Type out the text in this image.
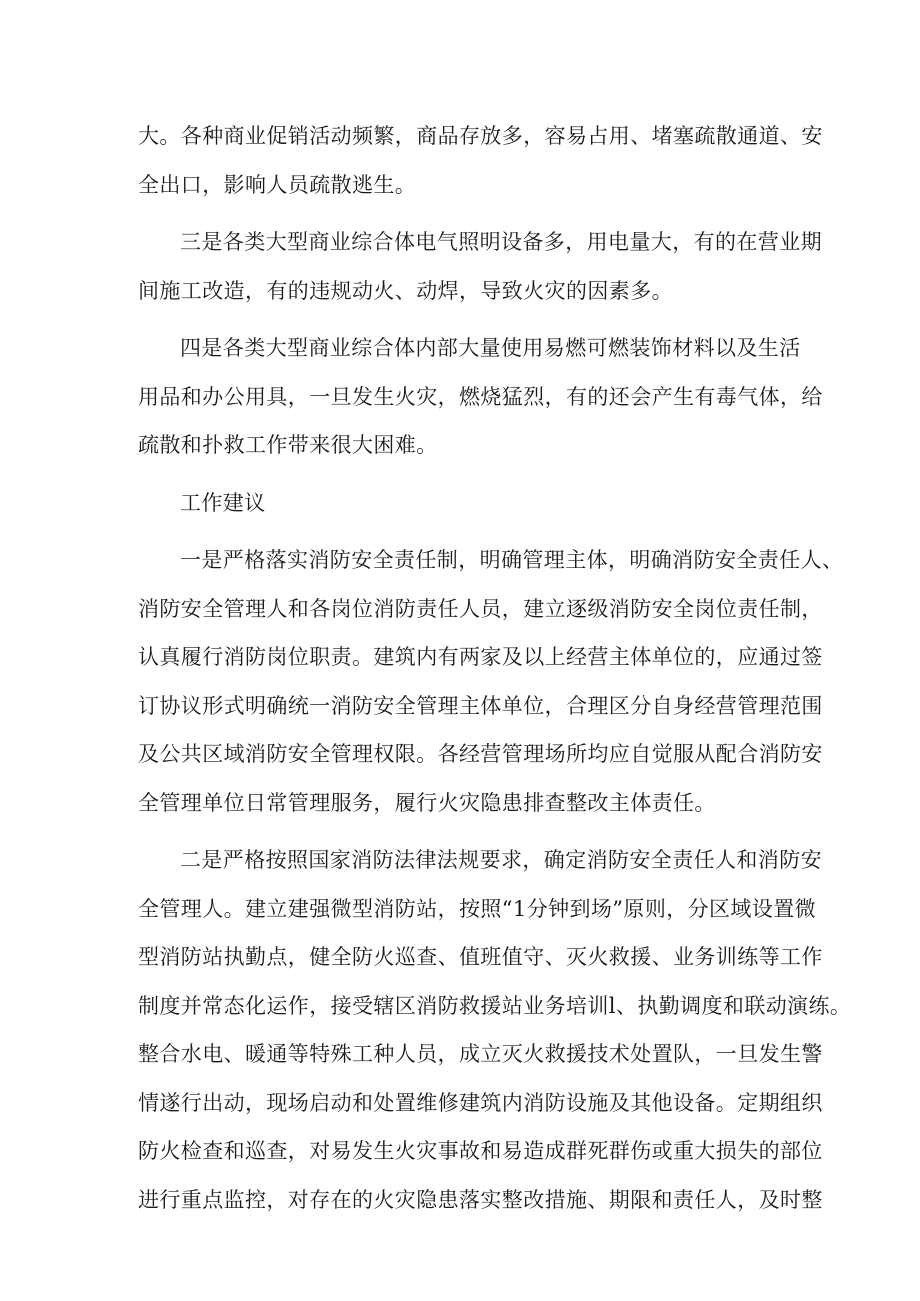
大。各种商业促销活动频繁，商品存放多，容易占用、堵塞疏散通道、安
全出口，影响人员疏散逃生。
三是各类大型商业综合体电气照明设备多，用电量大，有的在营业期
间施工改造，有的违规动火、动焊，导致火灾的因素多。
四是各类大型商业综合体内部大量使用易燃可燃装饰材料以及生活
用品和办公用具，一旦发生火灾，燃烧猛烈，有的还会产生有毒气体，给
疏散和扑救工作带来很大困难。
工作建议
一是严格落实消防安全责任制，明确管理主体，明确消防安全责任人、
消防安全管理人和各岗位消防责任人员，建立逐级消防安全岗位责任制，
认真履行消防岗位职责。建筑内有两家及以上经营主体单位的，应通过签
订协议形式明确统一消防安全管理主体单位，合理区分自身经营管理范围
及公共区域消防安全管理权限。各经营管理场所均应自觉服从配合消防安
全管理单位日常管理服务，履行火灾隐患排查整改主体责任。
二是严格按照国家消防法律法规要求，确定消防安全责任人和消防安
全管理人。建立建强微型消防站，按照“1分钟到场”原则，分区域设置微
型消防站执勤点，健全防火巡查、值班值守、灭火救援、业务训练等工作
制度并常态化运作，接受辖区消防救援站业务培训l、执勤调度和联动演练。
整合水电、暖通等特殊工种人员，成立灭火救援技术处置队，一旦发生警
情遂行出动，现场启动和处置维修建筑内消防设施及其他设备。定期组织
防火检查和巡查，对易发生火灾事故和易造成群死群伤或重大损失的部位
进行重点监控，对存在的火灾隐患落实整改措施、期限和责任人，及时整
